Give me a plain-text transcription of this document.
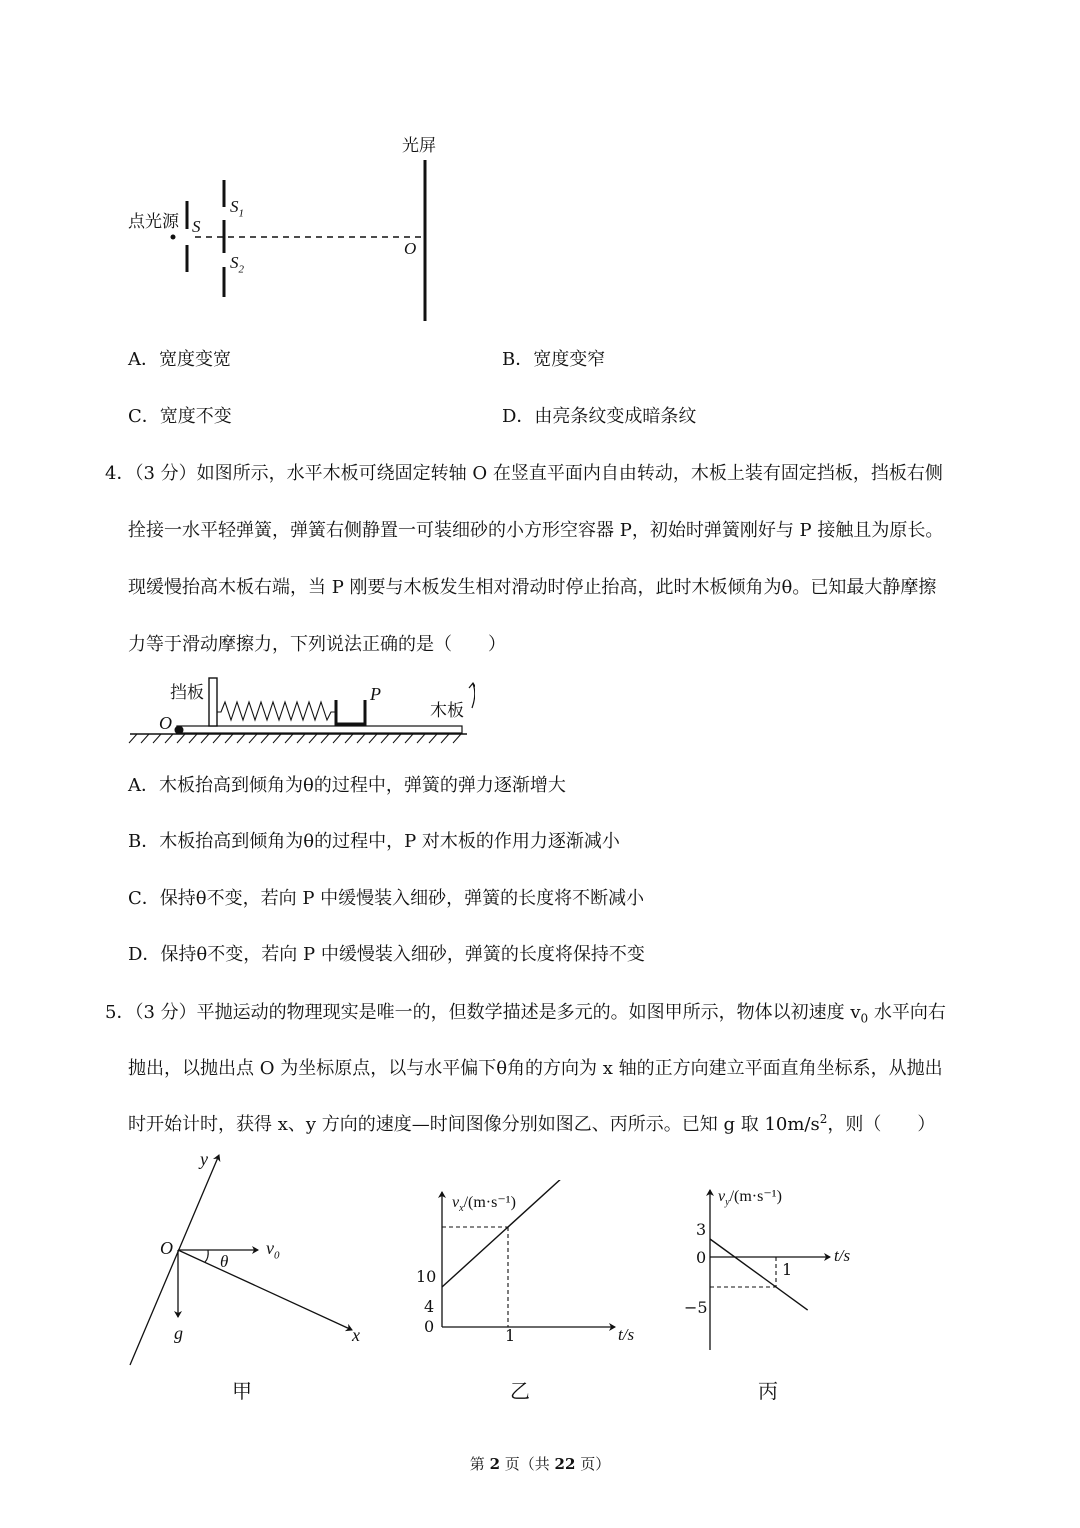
光屏
点光源 S
$S_1$
$S_2$
O
A．宽度变宽	B．宽度变窄
C．宽度不变	D．由亮条纹变成暗条纹
4．（3 分）如图所示，水平木板可绕固定转轴 O 在竖直平面内自由转动，木板上装有固定挡板，挡板右侧
拴接一水平轻弹簧，弹簧右侧静置一可装细砂的小方形空容器 P，初始时弹簧刚好与 P 接触且为原长。
现缓慢抬高木板右端，当 P 刚要与木板发生相对滑动时停止抬高，此时木板倾角为θ。已知最大静摩擦
力等于滑动摩擦力，下列说法正确的是（　　）
挡板	P
木板
O
A．木板抬高到倾角为θ的过程中，弹簧的弹力逐渐增大
B．木板抬高到倾角为θ的过程中，P 对木板的作用力逐渐减小
C．保持θ不变，若向 P 中缓慢装入细砂，弹簧的长度将不断减小
D．保持θ不变，若向 P 中缓慢装入细砂，弹簧的长度将保持不变
5．（3 分）平抛运动的物理现实是唯一的，但数学描述是多元的。如图甲所示，物体以初速度 $v_0$ 水平向右
抛出，以抛出点 O 为坐标原点，以与水平偏下θ角的方向为 x 轴的正方向建立平面直角坐标系，从抛出
时开始计时，获得 x、y 方向的速度—时间图像分别如图乙、丙所示。已知 g 取 $10m/s^2$，则（　　）
y
O	$v_0$
θ
g	x
甲
$v_x/(m\cdot s^{-1})$
10
4
0	1	t/s
乙
$v_y/(m\cdot s^{-1})$
3
0
−5
1
t/s
丙
第 2 页（共 22 页）
